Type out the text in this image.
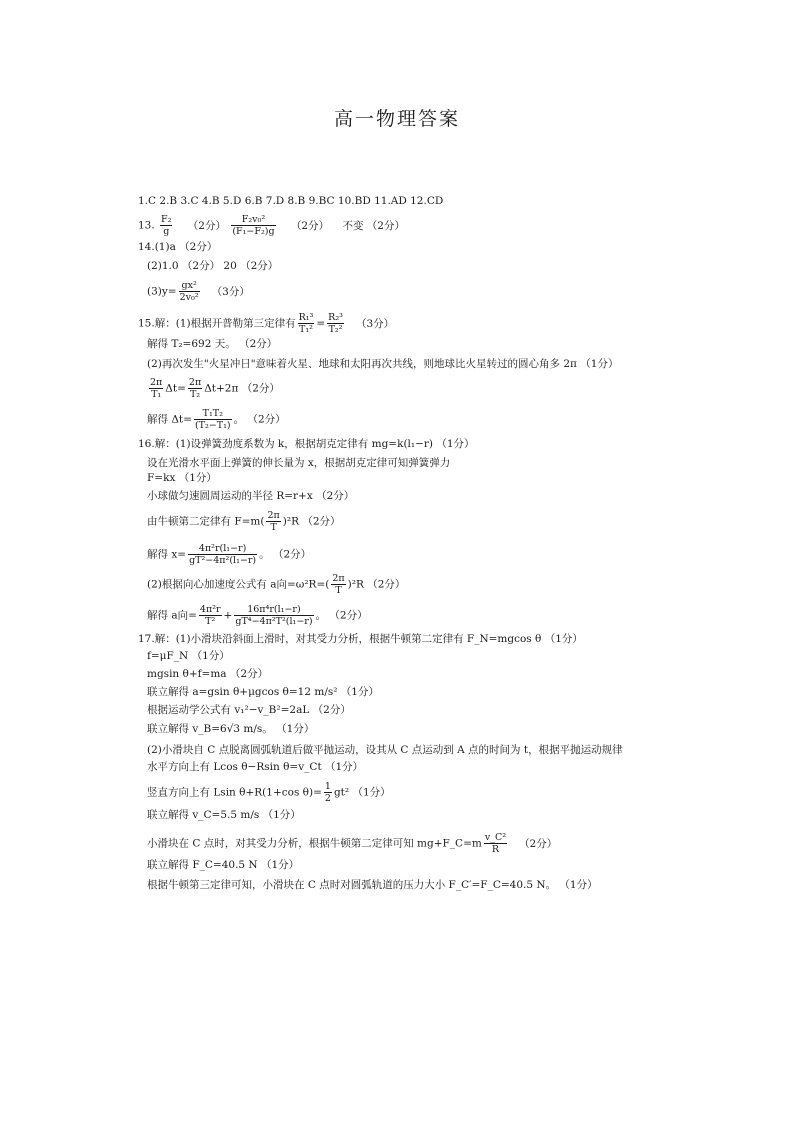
高一物理答案
1.C 2.B 3.C 4.B 5.D 6.B 7.D 8.B 9.BC 10.BD 11.AD 12.CD
13. $\frac{\text{F₂}}{g} (2$分） $\frac{\text{F₂v₀²}}{\text{(F₁−F₂)g}} (2$分） 不变 （2分）
14.(1)a （2分）
(2)1.0 （2分） 20 （2分）
$(3)y= \frac{\text{gx²}}{\text{2v₀²}} (3$分）
15.解：(1)根据开普勒第三定律有 $\frac{\text{R₁³}}{\text{T₁²}} = \frac{\text{R₂³}}{\text{T₂²}} (3$分）
解得 T₂=692 天。 （2分）
(2)再次发生"火星冲日"意味着火星、地球和太阳再次共线，则地球比火星转过的圆心角多 2π （1分）
$\frac{2\pi}{\text{T₁}} \Delta t= \frac{2\pi}{\text{T₂}} \Delta t+2\pi$ （2分）
解得 $\Delta t= \frac{\text{T₁T₂}}{\text{(T₂−T₁)}}$ 。 （2分）
16.解：(1)设弹簧劲度系数为 k，根据胡克定律有 mg=k(l₁−r) （1分）
设在光滑水平面上弹簧的伸长量为 x，根据胡克定律可知弹簧弹力
F=kx （1分）
小球做匀速圆周运动的半径 R=r+x （2分）
由牛顿第二定律有 $F=m( \frac{2\pi}{T} )^2R$ （2分）
解得 $x= \frac{\text{4π²r(l₁−r)}}{\text{gT²−4π²(l₁−r)}}$ 。 （2分）
(2)根据向心加速度公式有 a向$=\omega^2R=( \frac{2\pi}{T} )^2R$ （2分）
解得 a向= $\frac{\text{4π²r}}{\text{T²}} + \frac{\text{16π⁴r(l₁−r)}}{\text{gT⁴−4π²T²(l₁−r)}}$ 。 （2分）
17.解：(1)小滑块沿斜面上滑时，对其受力分析，根据牛顿第二定律有 F_N=mgcos θ （1分）
f=μF_N （1分）
mgsin θ+f=ma （2分）
联立解得 a=gsin θ+μgcos θ=12 m/s² （1分）
根据运动学公式有 v₁²−v_B²=2aL （2分）
联立解得 v_B=6√3 m/s。 （1分）
(2)小滑块自 C 点脱离圆弧轨道后做平抛运动，设其从 C 点运动到 A 点的时间为 t，根据平抛运动规律
水平方向上有 Lcos θ−Rsin θ=v_Ct （1分）
竖直方向上有 Lsin θ+R(1+cos $\theta)= \frac{1}{2} gt^2$ （1分）
联立解得 v_C=5.5 m/s （1分）
小滑块在 C 点时，对其受力分析，根据牛顿第二定律可知 mg+F_C=m $\frac{\text{v\_C²}}{R} (2$分）
联立解得 F_C=40.5 N （1分）
根据牛顿第三定律可知，小滑块在 C 点时对圆弧轨道的压力大小 F_C′=F_C=40.5 N。 （1分）
